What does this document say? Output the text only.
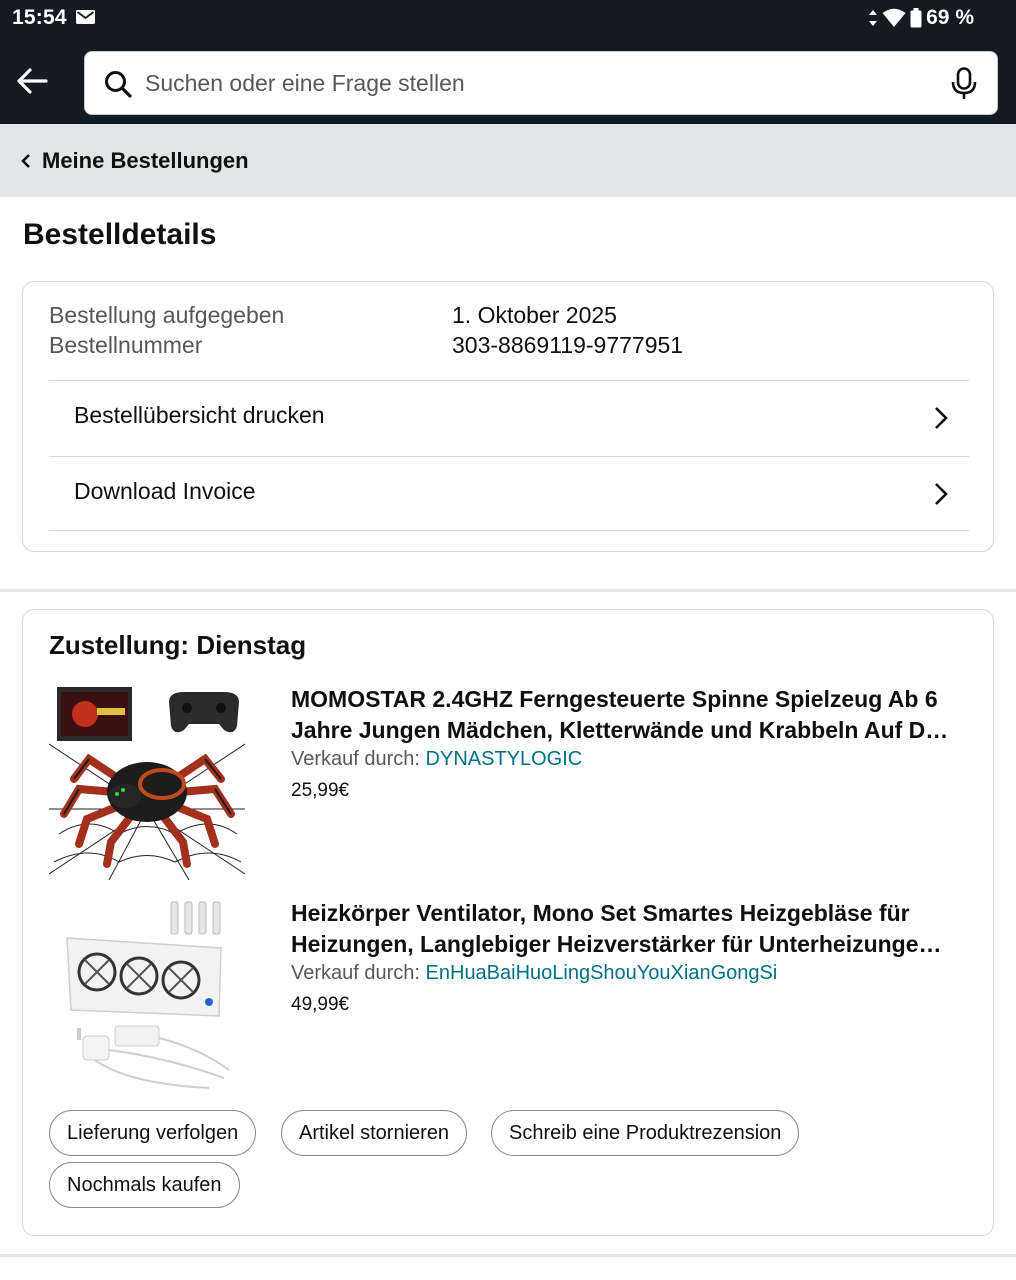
15:54	69 %
Suchen oder eine Frage stellen
Meine Bestellungen
Bestelldetails
Bestellung aufgegeben	1. Oktober 2025
Bestellnummer	303-8869119-9777951
Bestellübersicht drucken
Download Invoice
Zustellung: Dienstag
MOMOSTAR 2.4GHZ Ferngesteuerte Spinne Spielzeug Ab 6
Jahre Jungen Mädchen, Kletterwände und Krabbeln Auf D…
Verkauf durch: DYNASTYLOGIC
25,99€
Heizkörper Ventilator, Mono Set Smartes Heizgebläse für
Heizungen, Langlebiger Heizverstärker für Unterheizunge…
Verkauf durch: EnHuaBaiHuoLingShouYouXianGongSi
49,99€
Lieferung verfolgen	Artikel stornieren	Schreib eine Produktrezension
Nochmals kaufen
